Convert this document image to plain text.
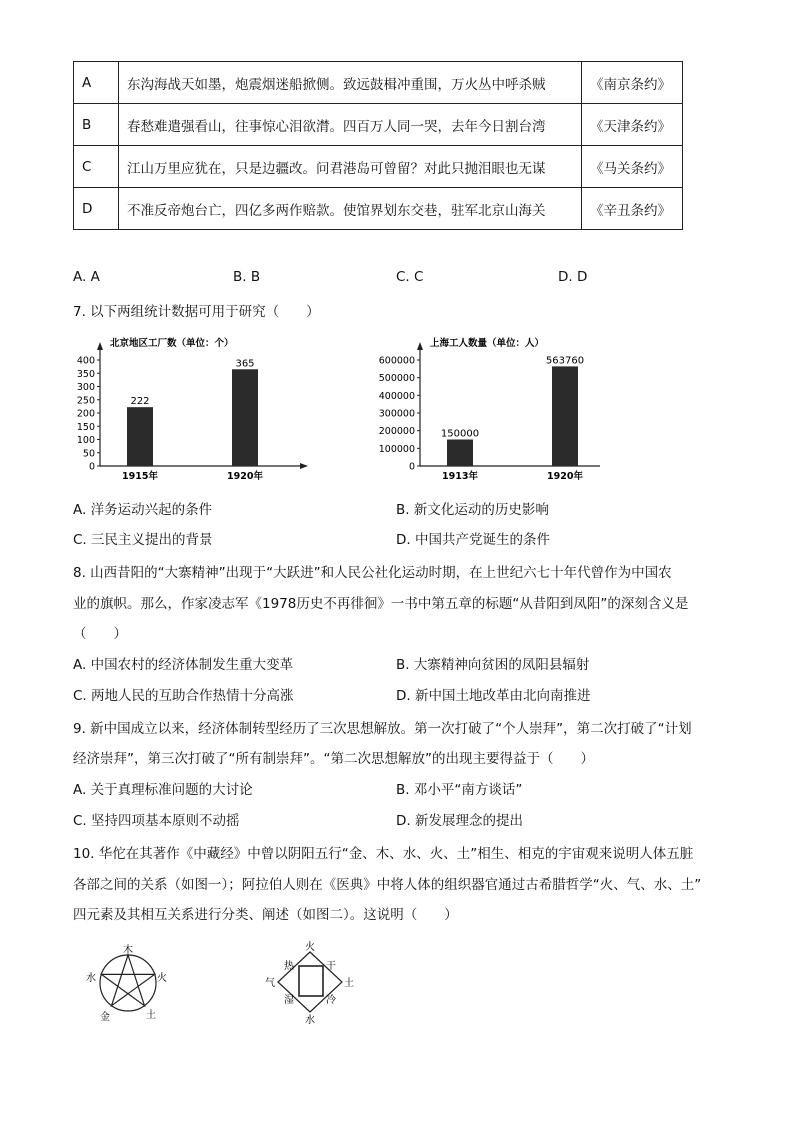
A	东沟海战天如墨，炮震烟迷船掀侧。致远鼓楫冲重围，万火丛中呼杀贼	《南京条约》
B	春愁难遣强看山，往事惊心泪欲潸。四百万人同一哭，去年今日割台湾	《天津条约》
C	江山万里应犹在，只是边疆改。问君港岛可曾留？对此只抛泪眼也无谋	《马关条约》
D	不准反帝炮台亡，四亿多两作赔款。使馆界划东交巷，驻军北京山海关	《辛丑条约》
A. A	B. B	C. C	D. D
7. 以下两组统计数据可用于研究（　　）
北京地区工厂数（单位：个）
0
50
100
150
200
250
300
350
400
222
1915年
365
1920年
上海工人数量（单位：人）
0
100000
200000
300000
400000
500000
600000
150000
1913年
563760
1920年
A. 洋务运动兴起的条件	B. 新文化运动的历史影响
C. 三民主义提出的背景	D. 中国共产党诞生的条件
8. 山西昔阳的“大寨精神”出现于“大跃进”和人民公社化运动时期，在上世纪六七十年代曾作为中国农
业的旗帜。那么，作家凌志军《1978历史不再徘徊》一书中第五章的标题“从昔阳到凤阳”的深刻含义是
（　　）
A. 中国农村的经济体制发生重大变革	B. 大寨精神向贫困的凤阳县辐射
C. 两地人民的互助合作热情十分高涨	D. 新中国土地改革由北向南推进
9. 新中国成立以来，经济体制转型经历了三次思想解放。第一次打破了“个人崇拜”，第二次打破了“计划
经济崇拜”，第三次打破了“所有制崇拜”。“第二次思想解放”的出现主要得益于（　　）
A. 关于真理标准问题的大讨论	B. 邓小平“南方谈话”
C. 坚持四项基本原则不动摇	D. 新发展理念的提出
10. 华佗在其著作《中藏经》中曾以阴阳五行“金、木、水、火、土”相生、相克的宇宙观来说明人体五脏
各部之间的关系（如图一）；阿拉伯人则在《医典》中将人体的组织器官通过古希腊哲学“火、气、水、土”
四元素及其相互关系进行分类、阐述（如图二）。这说明（　　）
木
火
水
金	土
火
水
气	土
热	干
湿	冷
